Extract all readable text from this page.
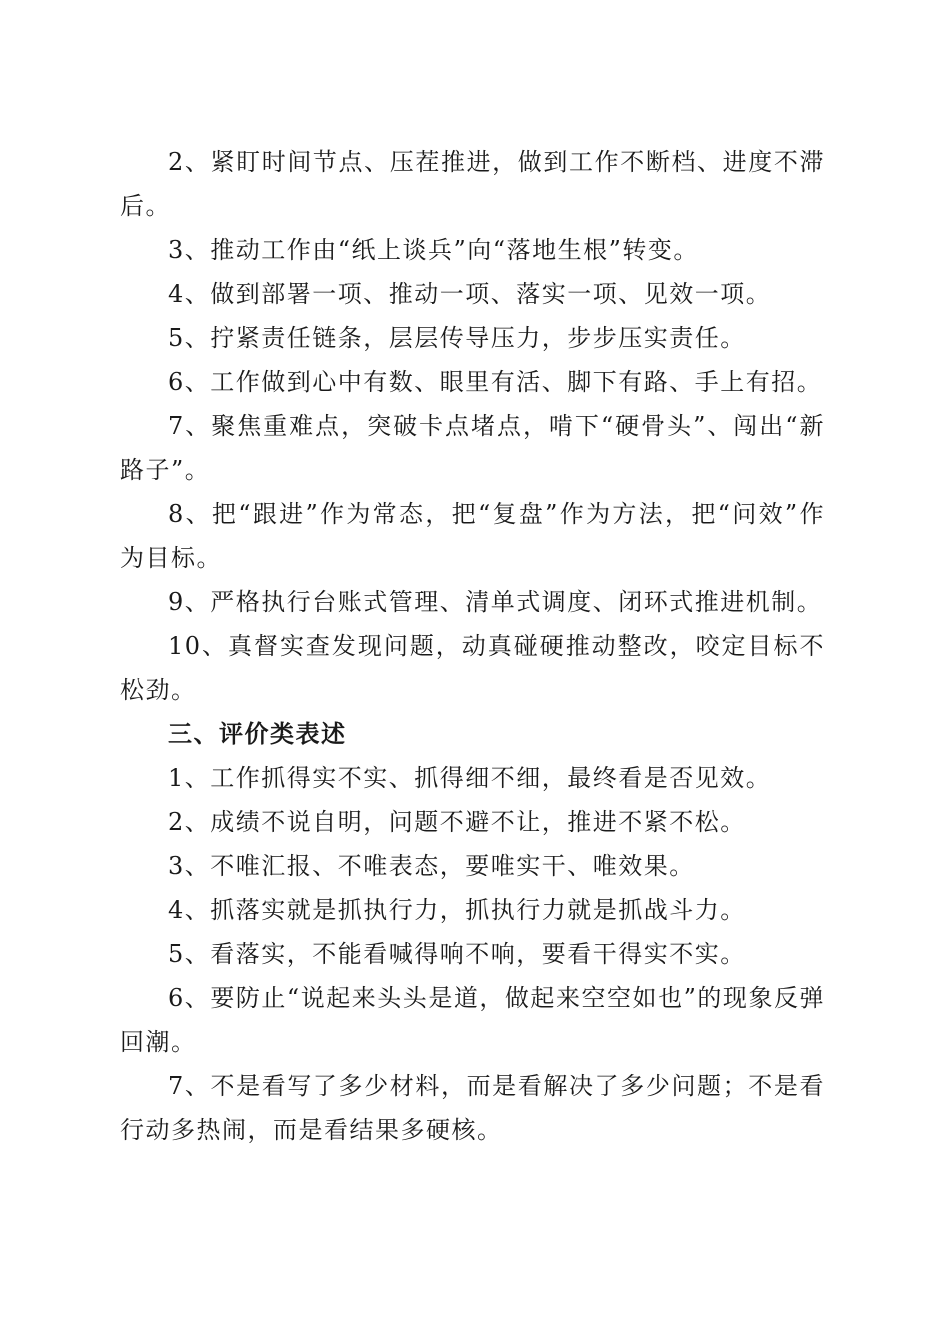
2、紧盯时间节点、压茬推进，做到工作不断档、进度不滞后。

3、推动工作由“纸上谈兵”向“落地生根”转变。

4、做到部署一项、推动一项、落实一项、见效一项。

5、拧紧责任链条，层层传导压力，步步压实责任。

6、工作做到心中有数、眼里有活、脚下有路、手上有招。

7、聚焦重难点，突破卡点堵点，啃下“硬骨头”、闯出“新路子”。

8、把“跟进”作为常态，把“复盘”作为方法，把“问效”作为目标。

9、严格执行台账式管理、清单式调度、闭环式推进机制。

10、真督实查发现问题，动真碰硬推动整改，咬定目标不松劲。

三、评价类表述

1、工作抓得实不实、抓得细不细，最终看是否见效。

2、成绩不说自明，问题不避不让，推进不紧不松。

3、不唯汇报、不唯表态，要唯实干、唯效果。

4、抓落实就是抓执行力，抓执行力就是抓战斗力。

5、看落实，不能看喊得响不响，要看干得实不实。

6、要防止“说起来头头是道，做起来空空如也”的现象反弹回潮。

7、不是看写了多少材料，而是看解决了多少问题；不是看行动多热闹，而是看结果多硬核。
